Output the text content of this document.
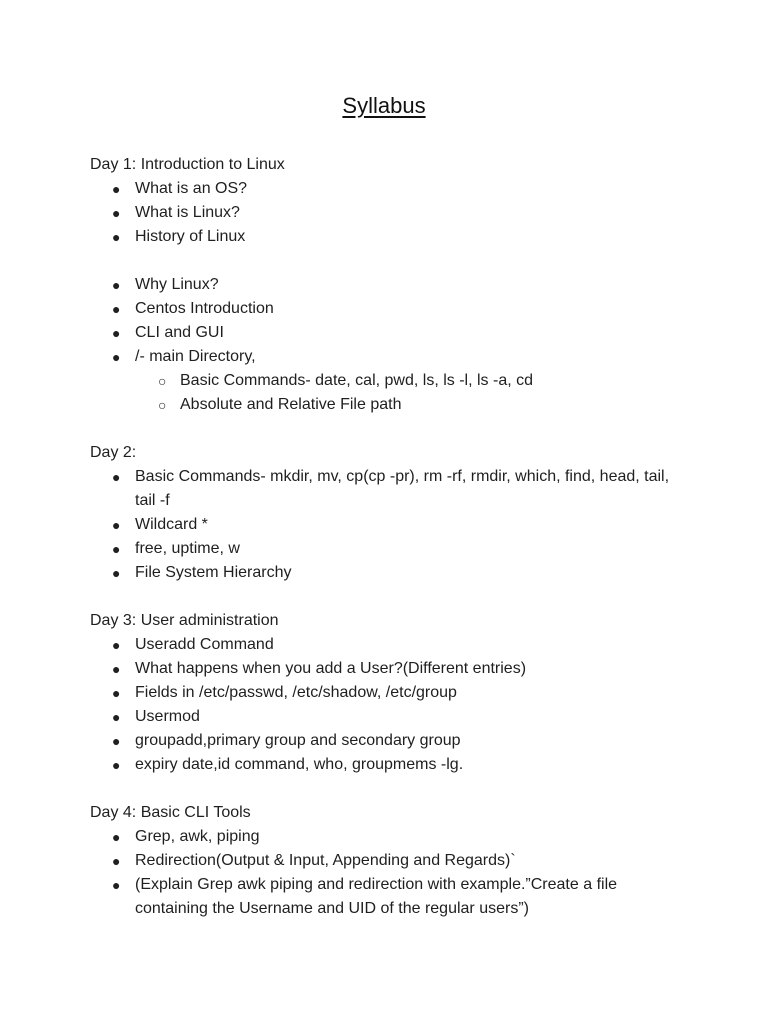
Syllabus

Day 1: Introduction to Linux

● What is an OS?
● What is Linux?
● History of Linux
● Why Linux?
● Centos Introduction
● CLI and GUI
● /- main Directory,
○ Basic Commands- date, cal, pwd, ls, ls -l, ls -a, cd
○ Absolute and Relative File path

Day 2:

● Basic Commands- mkdir, mv, cp(cp -pr), rm -rf, rmdir, which, find, head, tail, tail -f
● Wildcard *
● free, uptime, w
● File System Hierarchy

Day 3: User administration

● Useradd Command
● What happens when you add a User?(Different entries)
● Fields in /etc/passwd, /etc/shadow, /etc/group
● Usermod
● groupadd,primary group and secondary group
● expiry date,id command, who, groupmems -lg.

Day 4: Basic CLI Tools

● Grep, awk, piping
● Redirection(Output & Input, Appending and Regards)`
● (Explain Grep awk piping and redirection with example.”Create a file containing the Username and UID of the regular users”)
